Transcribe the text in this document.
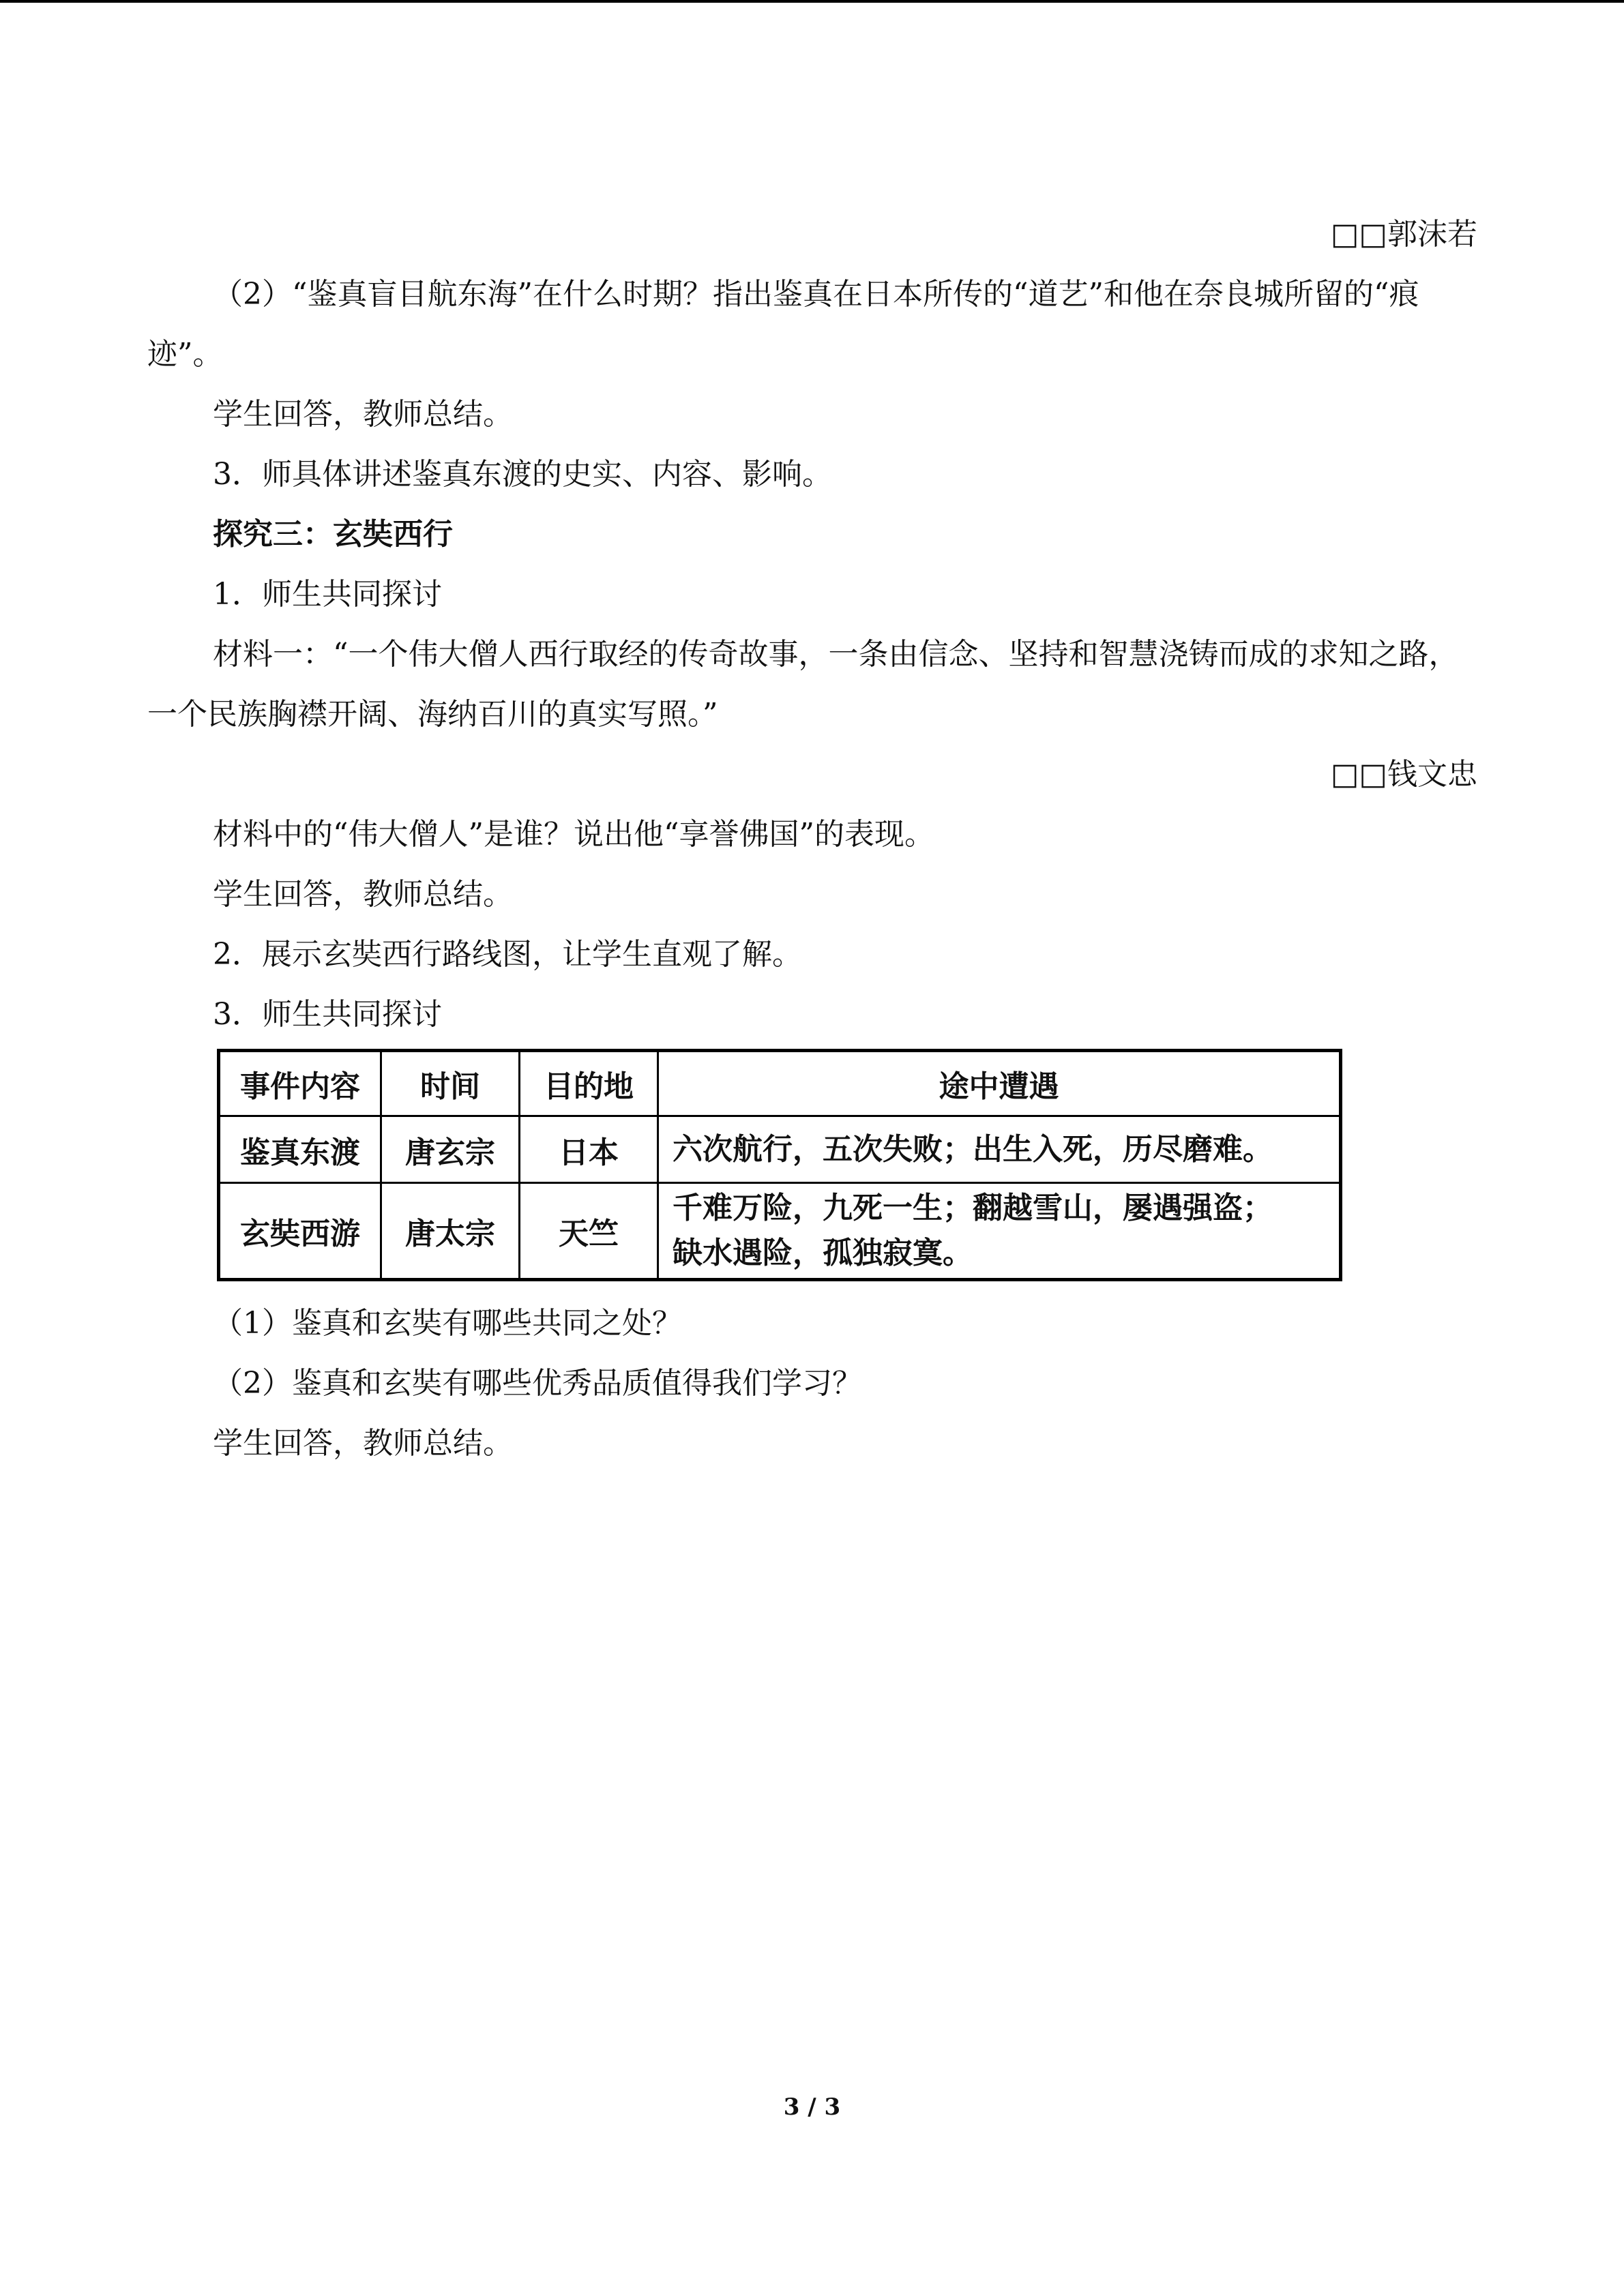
□□郭沫若
（2）“鉴真盲目航东海”在什么时期？指出鉴真在日本所传的“道艺”和他在奈良城所留的“痕迹”。
学生回答，教师总结。
3．师具体讲述鉴真东渡的史实、内容、影响。
探究三：玄奘西行
1．师生共同探讨
材料一：“一个伟大僧人西行取经的传奇故事，一条由信念、坚持和智慧浇铸而成的求知之路，一个民族胸襟开阔、海纳百川的真实写照。”
□□钱文忠
材料中的“伟大僧人”是谁？说出他“享誉佛国”的表现。
学生回答，教师总结。
2．展示玄奘西行路线图，让学生直观了解。
3．师生共同探讨
事件内容	时间	目的地	途中遭遇
鉴真东渡	唐玄宗	日本	六次航行，五次失败；出生入死，历尽磨难。
玄奘西游	唐太宗	天竺	千难万险，九死一生；翻越雪山，屡遇强盗；
缺水遇险，孤独寂寞。
（1）鉴真和玄奘有哪些共同之处？
（2）鉴真和玄奘有哪些优秀品质值得我们学习？
学生回答，教师总结。
3 / 3
